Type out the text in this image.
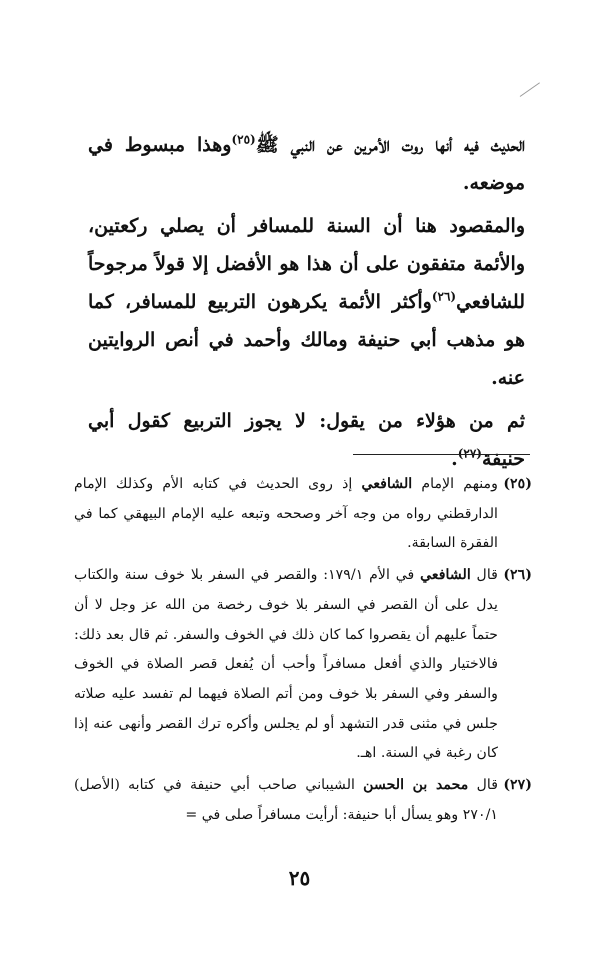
الحديث فيه أنها روت الأمرين عن النبي ﷺ$^{(٢٥)}$وهذا مبسوط في موضعه.

والمقصود هنا أن السنة للمسافر أن يصلي ركعتين، والأئمة متفقون على أن هذا هو الأفضل إلا قولاً مرجوحاً للشافعي$^{(٢٦)}$وأكثر الأئمة يكرهون التربيع للمسافر، كما هو مذهب أبي حنيفة ومالك وأحمد في أنص الروايتين عنه.

ثم من هؤلاء من يقول: لا يجوز التربيع كقول أبي حنيفة$^{(٢٧)}$.

(٢٥)
ومنهم الإمام الشافعي إذ روى الحديث في كتابه الأم وكذلك الإمام الدارقطني رواه من وجه آخر وصححه وتبعه عليه الإمام البيهقي كما في الفقرة السابقة.

(٢٦)
قال الشافعي في الأم ١٧٩/١: والقصر في السفر بلا خوف سنة والكتاب يدل على أن القصر في السفر بلا خوف رخصة من الله عز وجل لا أن حتماً عليهم أن يقصروا كما كان ذلك في الخوف والسفر. ثم قال بعد ذلك: فالاختيار والذي أفعل مسافراً وأحب أن يُفعل قصر الصلاة في الخوف والسفر وفي السفر بلا خوف ومن أتم الصلاة فيهما لم تفسد عليه صلاته جلس في مثنى قدر التشهد أو لم يجلس وأكره ترك القصر وأنهى عنه إذا كان رغبة في السنة. اهـ.

(٢٧)
قال محمد بن الحسن الشيباني صاحب أبي حنيفة في كتابه (الأصل) ٢٧٠/١ وهو يسأل أبا حنيفة: أرأيت مسافراً صلى في =

٢٥
